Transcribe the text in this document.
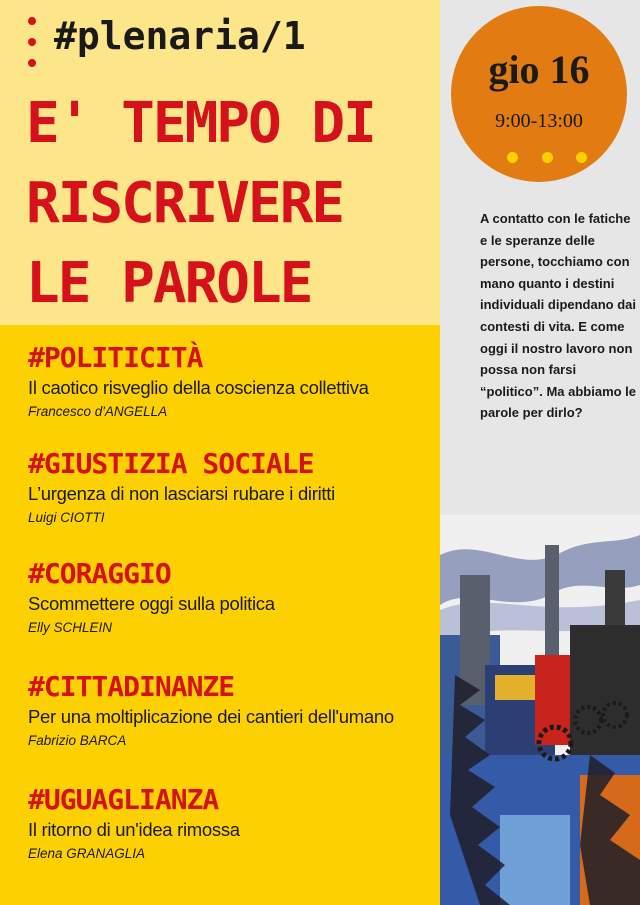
#plenaria/1
E' TEMPO DI
RISCRIVERE
LE PAROLE
gio 16
9:00-13:00

A contatto con le fatiche e le speranze delle persone, tocchiamo con mano quanto i destini individuali dipendano dai contesti di vita. E come oggi il nostro lavoro non possa non farsi “politico”. Ma abbiamo le parole per dirlo?

#POLITICITÀ
Il caotico risveglio della coscienza collettiva
Francesco d'ANGELLA
#GIUSTIZIA SOCIALE
L’urgenza di non lasciarsi rubare i diritti
Luigi CIOTTI
#CORAGGIO
Scommettere oggi sulla politica
Elly SCHLEIN
#CITTADINANZE
Per una moltiplicazione dei cantieri dell'umano
Fabrizio BARCA
#UGUAGLIANZA
Il ritorno di un'idea rimossa
Elena GRANAGLIA
